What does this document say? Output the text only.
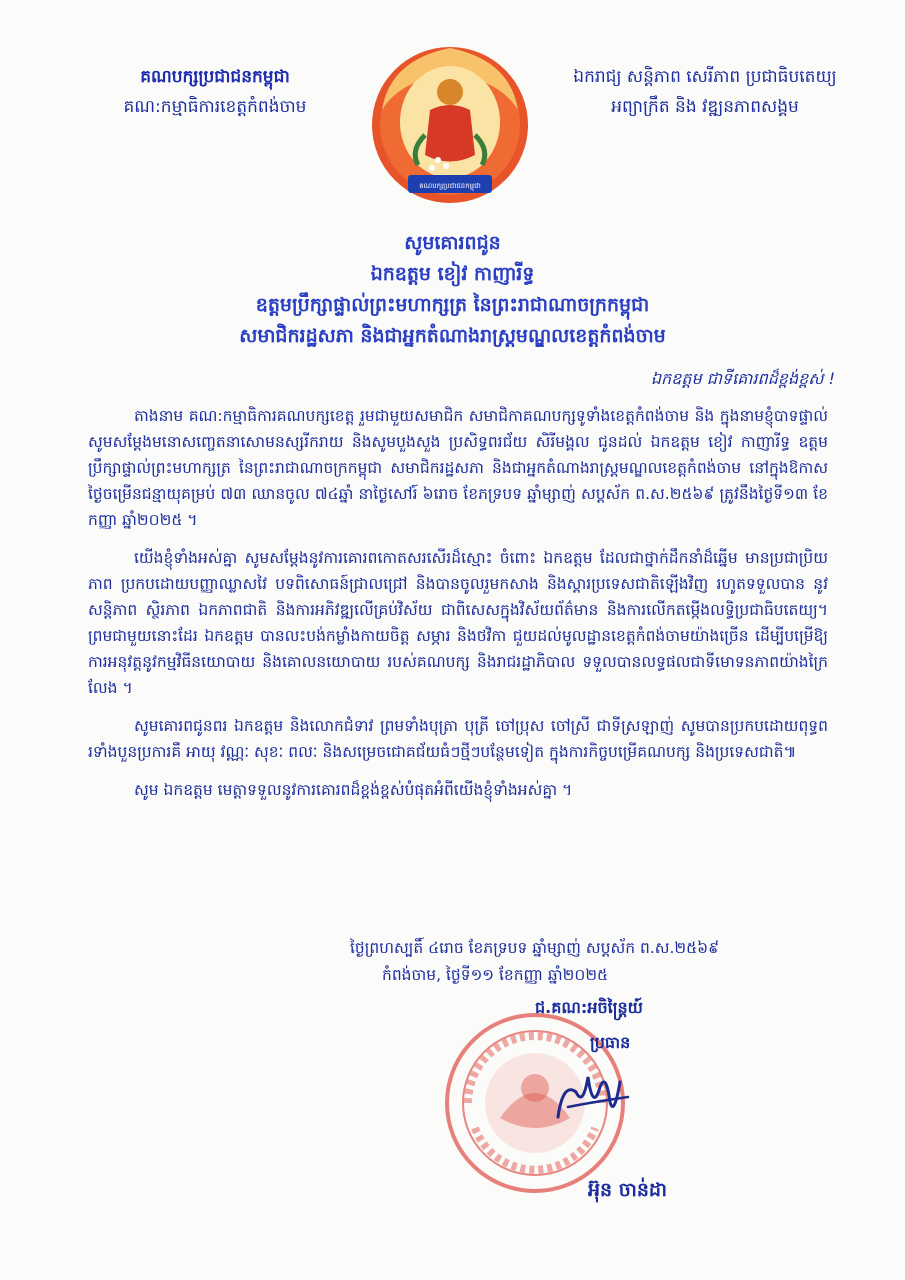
គណបក្សប្រជាជនកម្ពុជា
គណ:កម្មាធិការខេត្តកំពង់ចាម
គណបក្សប្រជាជនកម្ពុជា
ឯករាជ្យ សន្តិភាព សេរីភាព ប្រជាធិបតេយ្យ
អព្យាក្រឹត និង វឌ្ឍនភាពសង្គម
សូមគោរពជូន
ឯកឧត្តម ខៀវ កាញារីទ្ធ
ឧត្តមប្រឹក្សាផ្ទាល់ព្រះមហាក្សត្រ នៃព្រះរាជាណាចក្រកម្ពុជា
សមាជិករដ្ឋសភា និងជាអ្នកតំណាងរាស្ត្រមណ្ឌលខេត្តកំពង់ចាម
ឯកឧត្តម ជាទីគោរពដ៏ខ្ពង់ខ្ពស់ !

តាងនាម គណ:កម្មាធិការគណបក្សខេត្ត រួមជាមួយសមាជិក សមាជិកាគណបក្សទូទាំងខេត្តកំពង់ចាម និង ក្នុងនាមខ្ញុំបាទផ្ទាល់ សូមសម្តែងមនោសញ្ចេតនាសោមនស្សរីករាយ និងសូមបួងសួង ប្រសិទ្ធពរជ័យ សិរីមង្គល ជូនដល់ ឯកឧត្តម ខៀវ កាញារីទ្ធ ឧត្តមប្រឹក្សាផ្ទាល់ព្រះមហាក្សត្រ នៃព្រះរាជាណាចក្រកម្ពុជា សមាជិករដ្ឋសភា និងជាអ្នកតំណាងរាស្ត្រមណ្ឌលខេត្តកំពង់ចាម នៅក្នុងឱកាសថ្ងៃចម្រើនជន្មាយុគម្រប់ ៧៣ ឈានចូល ៧៤ឆ្នាំ នាថ្ងៃសៅរ៍ ៦រោច ខែភទ្របទ ឆ្នាំម្សាញ់ សប្តស័ក ព.ស.២៥៦៩ ត្រូវនឹងថ្ងៃទី១៣ ខែកញ្ញា ឆ្នាំ២០២៥ ។

យើងខ្ញុំទាំងអស់គ្នា សូមសម្តែងនូវការគោរពកោតសរសើរដ៏ស្មោះ ចំពោះ ឯកឧត្តម ដែលជាថ្នាក់ដឹកនាំដ៏ឆ្នើម មានប្រជាប្រិយភាព ប្រកបដោយបញ្ញាឈ្លាសវៃ បទពិសោធន៍ជ្រាលជ្រៅ និងបានចូលរួមកសាង និងស្តារប្រទេសជាតិឡើងវិញ រហូតទទួលបាន នូវសន្តិភាព ស្ថិរភាព ឯកភាពជាតិ និងការអភិវឌ្ឍលើគ្រប់វិស័យ ជាពិសេសក្នុងវិស័យព័ត៌មាន និងការលើកតម្កើងលទ្ធិប្រជាធិបតេយ្យ។ ព្រមជាមួយនោះដែរ ឯកឧត្តម បានលះបង់កម្លាំងកាយចិត្ត សម្ភារ និងថវិកា ជួយដល់មូលដ្ឋានខេត្តកំពង់ចាមយ៉ាងច្រើន ដើម្បីបម្រើឱ្យការអនុវត្តនូវកម្មវិធីនយោបាយ និងគោលនយោបាយ របស់គណបក្ស និងរាជរដ្ឋាភិបាល ទទួលបានលទ្ធផលជាទីមោទនភាពយ៉ាងក្រៃលែង ។

សូមគោរពជូនពរ ឯកឧត្តម និងលោកជំទាវ ព្រមទាំងបុត្រា បុត្រី ចៅប្រុស ចៅស្រី ជាទីស្រឡាញ់ សូមបានប្រកបដោយពុទ្ធពរទាំងបួនប្រការគឺ អាយុ វណ្ណៈ សុខៈ ពលៈ និងសម្រេចជោគជ័យធំៗថ្មីៗបន្ថែមទៀត ក្នុងការកិច្ចបម្រើគណបក្ស និងប្រទេសជាតិ៕

សូម ឯកឧត្តម មេត្តាទទួលនូវការគោរពដ៏ខ្ពង់ខ្ពស់បំផុតអំពីយើងខ្ញុំទាំងអស់គ្នា ។

ថ្ងៃព្រហស្បតិ៍ ៤រោច ខែភទ្របទ ឆ្នាំម្សាញ់ សប្តស័ក ព.ស.២៥៦៩
កំពង់ចាម, ថ្ងៃទី១១ ខែកញ្ញា ឆ្នាំ២០២៥
ជ.គណ:អចិន្ត្រៃយ៍
ប្រធាន
អ៊ុន ចាន់ដា
